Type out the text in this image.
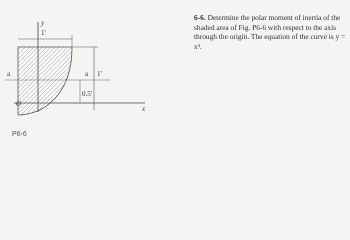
y
x
O
a	a
1'
1'
0.5'
P6-6
6-6. Determine the polar moment of inertia of the shaded area of Fig. P6-6 with respect to the axis through the origin. The equation of the curve is y = x³.
